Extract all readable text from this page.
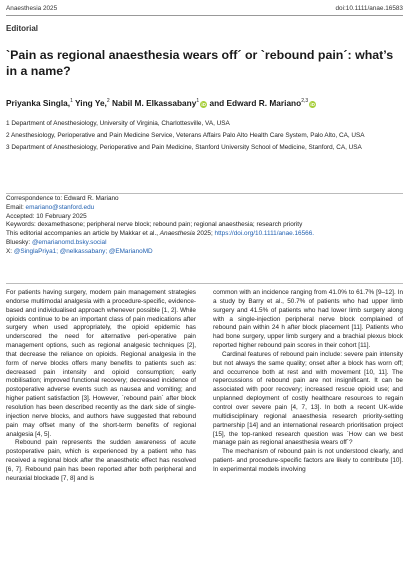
Anaesthesia 2025	doi:10.1111/anae.16583
Editorial
`Pain as regional anaesthesia wears off´ or `rebound pain´: what’s in a name?
Priyanka Singla,$^1$ Ying Ye,$^2$ Nabil M. Elkassabany$^1$iD and Edward R. Mariano$^{2,3}$iD

1 Department of Anesthesiology, University of Virginia, Charlottesville, VA, USA

2 Anesthesiology, Perioperative and Pain Medicine Service, Veterans Affairs Palo Alto Health Care System, Palo Alto, CA, USA

3 Department of Anesthesiology, Perioperative and Pain Medicine, Stanford University School of Medicine, Stanford, CA, USA

Correspondence to: Edward R. Mariano

Email: emariano@stanford.edu

Accepted: 10 February 2025

Keywords: dexamethasone; peripheral nerve block; rebound pain; regional anaesthesia; research priority

This editorial accompanies an article by Makkar et al., Anaesthesia 2025; https://doi.org/10.1111/anae.16566.

Bluesky: @emarianomd.bsky.social

X: @SinglaPriya1; @nelkassabany; @EMarianoMD

For patients having surgery, modern pain management strategies endorse multimodal analgesia with a procedure-specific, evidence-based and individualised approach whenever possible [1, 2]. While opioids continue to be an important class of pain medications after surgery when used appropriately, the opioid epidemic has underscored the need for alternative peri-operative pain management options, such as regional analgesic techniques [2], that decrease the reliance on opioids. Regional analgesia in the form of nerve blocks offers many benefits to patients such as: decreased pain intensity and opioid consumption; early mobilisation; improved functional recovery; decreased incidence of postoperative adverse events such as nausea and vomiting; and higher patient satisfaction [3]. However, `rebound pain´ after block resolution has been described recently as the dark side of single-injection nerve blocks, and authors have suggested that rebound pain may offset many of the short-term benefits of regional analgesia [4, 5].

Rebound pain represents the sudden awareness of acute postoperative pain, which is experienced by a patient who has received a regional block after the anaesthetic effect has resolved [6, 7]. Rebound pain has been reported after both peripheral and neuraxial blockade [7, 8] and is

common with an incidence ranging from 41.0% to 61.7% [9–12]. In a study by Barry et al., 50.7% of patients who had upper limb surgery and 41.5% of patients who had lower limb surgery along with a single-injection peripheral nerve block complained of rebound pain within 24 h after block placement [11]. Patients who had bone surgery, upper limb surgery and a brachial plexus block reported higher rebound pain scores in their cohort [11].

Cardinal features of rebound pain include: severe pain intensity but not always the same quality; onset after a block has worn off; and occurrence both at rest and with movement [10, 11]. The repercussions of rebound pain are not insignificant. It can be associated with poor recovery; increased rescue opioid use; and unplanned deployment of costly healthcare resources to regain control over severe pain [4, 7, 13]. In both a recent UK-wide multidisciplinary regional anaesthesia research priority-setting partnership [14] and an international research prioritisation project [15], the top-ranked research question was `How can we best manage pain as regional anaesthesia wears off´?

The mechanism of rebound pain is not understood clearly, and patient- and procedure-specific factors are likely to contribute [10]. In experimental models involving
